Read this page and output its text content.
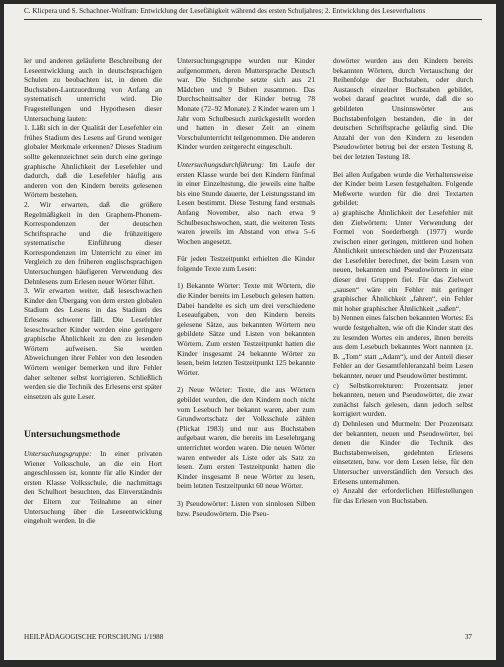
C. Klicpera und S. Schachner-Wolfram: Entwicklung der Lesefähigkeit während des ersten Schuljahres; 2. Entwicklung des Leseverhaltens

ler und anderen geläuferte Beschreibung der Leseentwicklung auch in deutschsprachigen Schulen zu beobachten ist, in denen die Buchstaben-Lautzuordnung von Anfang an systematisch unterricht wird. Die Fragestellungen und Hypothesen dieser Untersuchung lauten:

1. Läßt sich in der Qualität der Lesefehler ein frühes Stadium des Lesens auf Grund weniger globaler Merkmale erkennen? Dieses Stadium sollte gekennzeichnet sein durch eine geringe graphische Ähnlichkeit der Lesefehler und dadurch, daß die Lesefehler häufig aus anderen von den Kindern bereits gelesenen Wörtern bestehen.

2. Wir erwarten, daß die größere Regelmäßigkeit in den Graphem-Phonem-Korrespondenzen der deutschen Schriftsprache und die frühzeitigere systematische Einführung dieser Korrespondenzen im Unterricht zu einer im Vergleich zu den früheren englischsprachigen Untersuchungen häufigeren Verwendung des Dehnlesens zum Erlesen neuer Wörter führt.

3. Wir erwarten weiter, daß leseschwachen Kinder den Übergang von dem ersten globalen Stadium des Lesens in das Stadium des Erlesens schwerer fällt. Die Lesefehler leseschwacher Kinder werden eine geringere graphische Ähnlichkeit zu den zu lesenden Wörtern aufweisen. Sie werden Abweichungen ihrer Fehler von den lesenden Wörtern weniger bemerken und ihre Fehler daher seltener selbst korrigieren. Schließlich werden sie die Technik des Erlesens erst später einsetzen als gute Leser.

Untersuchungsmethode

Untersuchungsgruppe: In einer privaten Wiener Volksschule, an die ein Hort angeschlossen ist, konnte für alle Kinder der ersten Klasse Volksschule, die nachmittags den Schulhort besuchten, das Einverständnis der Eltern zur Teilnahme an einer Untersuchung über die Leseentwicklung eingeholt werden. In die

Untersuchungsgruppe wurden nur Kinder aufgenommen, deren Muttersprache Deutsch war. Die Stichprobe setzte sich aus 21 Mädchen und 9 Buben zusammen. Das Durchschnittsalter der Kinder betrug 78 Monate (72–92 Monate). 2 Kinder waren um 1 Jahr vom Schulbesuch zurückgestellt worden und hatten in dieser Zeit an einem Vorschulunterricht teilgenommen. Die anderen Kinder wurden zeitgerecht eingeschult.

Untersuchungsdurchführung: Im Laufe der ersten Klasse wurde bei den Kindern fünfmal in einer Einzeltestung, die jeweils eine halbe bis eine Stunde dauerte, der Leistungsstand im Lesen bestimmt. Diese Testung fand erstmals Anfang November, also nach etwa 9 Schulbesuchswochen, statt, die weiteren Tests waren jeweils im Abstand von etwa 5–6 Wochen angesetzt.

Für jeden Testzeitpunkt erhielten die Kinder folgende Texte zum Lesen:

1) Bekannte Wörter: Texte mit Wörtern, die die Kinder bereits im Lesebuch gelesen hatten. Dabei handelte es sich um drei verschiedene Leseaufgaben, von den Kindern bereits gelesene Sätze, aus bekannten Wörtern neu gebildete Sätze und Listen von bekannten Wörtern. Zum ersten Testzeitpunkt hatten die Kinder insgesamt 24 bekannte Wörter zu lesen, beim letzten Testzeitpunkt 125 bekannte Wörter.

2) Neue Wörter: Texte, die aus Wörtern gebildet wurden, die den Kindern noch nicht vom Lesebuch her bekannt waren, aber zum Grundwortschatz der Volksschule zählen (Plickat 1983) und nur aus Buchstaben aufgebaut waren, die bereits im Leselehrgang unterrichtet worden waren. Die neuen Wörter waren entweder als Liste oder als Satz zu lesen. Zum ersten Testzeitpunkt hatten die Kinder insgesamt 8 neue Wörter zu lesen, beim letzten Testzeitpunkt 60 neue Wörter.

3) Pseudowörter: Listen von sinnlosen Silben bzw. Pseudowörtern. Die Pseu-

dowörter wurden aus den Kindern bereits bekannten Wörtern, durch Vertauschung der Reihenfolge der Buchstaben, oder durch Austausch einzelner Buchstaben gebildet, wobei darauf geachtet wurde, daß die so gebildeten Unsinnswörter aus Buchstabenfolgen bestanden, die in der deutschen Schriftsprache geläufig sind. Die Anzahl der von den Kindern zu lesenden Pseudowörter betrug bei der ersten Testung 8, bei der letzten Testung 18.

Bei allen Aufgaben wurde die Verhaltensweise der Kinder beim Lesen festgehalten. Folgende Meßwerte wurden für die drei Textarten gebildet:

a) graphische Ähnlichkeit der Lesefehler mit den Zielwörtern: Unter Verwendung der Formel von Soederbergh (1977) wurde zwischen einer geringen, mittleren und hohen Ähnlichkeit unterschieden und der Prozentsatz der Lesefehler berechnet, der beim Lesen von neuen, bekannten und Pseudowörtern in eine dieser drei Gruppen fiel. Für das Zielwort „sausen“ wäre ein Fehler mit geringer graphischer Ähnlichkeit „fahren“, ein Fehler mit hoher graphischer Ähnlichkeit „saßen“.

b) Nennen eines falschen bekannten Wortes: Es wurde festgehalten, wie oft die Kinder statt des zu lesenden Wortes ein anderes, ihnen bereits aus dem Lesebuch bekanntes Wort nannten (z. B. „Tom“ statt „Adam“), und der Anteil dieser Fehler an der Gesamtfehleranzahl beim Lesen bekannter, neuer und Pseudowörter bestimmt.

c) Selbstkorrekturen: Prozentsatz jener bekannten, neuen und Pseudowörter, die zwar zunächst falsch gelesen, dann jedoch selbst korrigiert wurden.

d) Dehnlesen und Murmeln: Der Prozentsatz der bekannten, neuen und Pseudowörter, bei denen die Kinder die Technik des Buchstabenweisen, gedehnten Erlesens einsetzten, bzw. vor dem Lesen leise, für den Untersucher unverständlich den Versuch des Erlesens unternahmen.

e) Anzahl der erforderlichen Hilfestellungen für das Erlesen von Buchstaben.

HEILPÄDAGOGISCHE FORSCHUNG 1/1988	37
